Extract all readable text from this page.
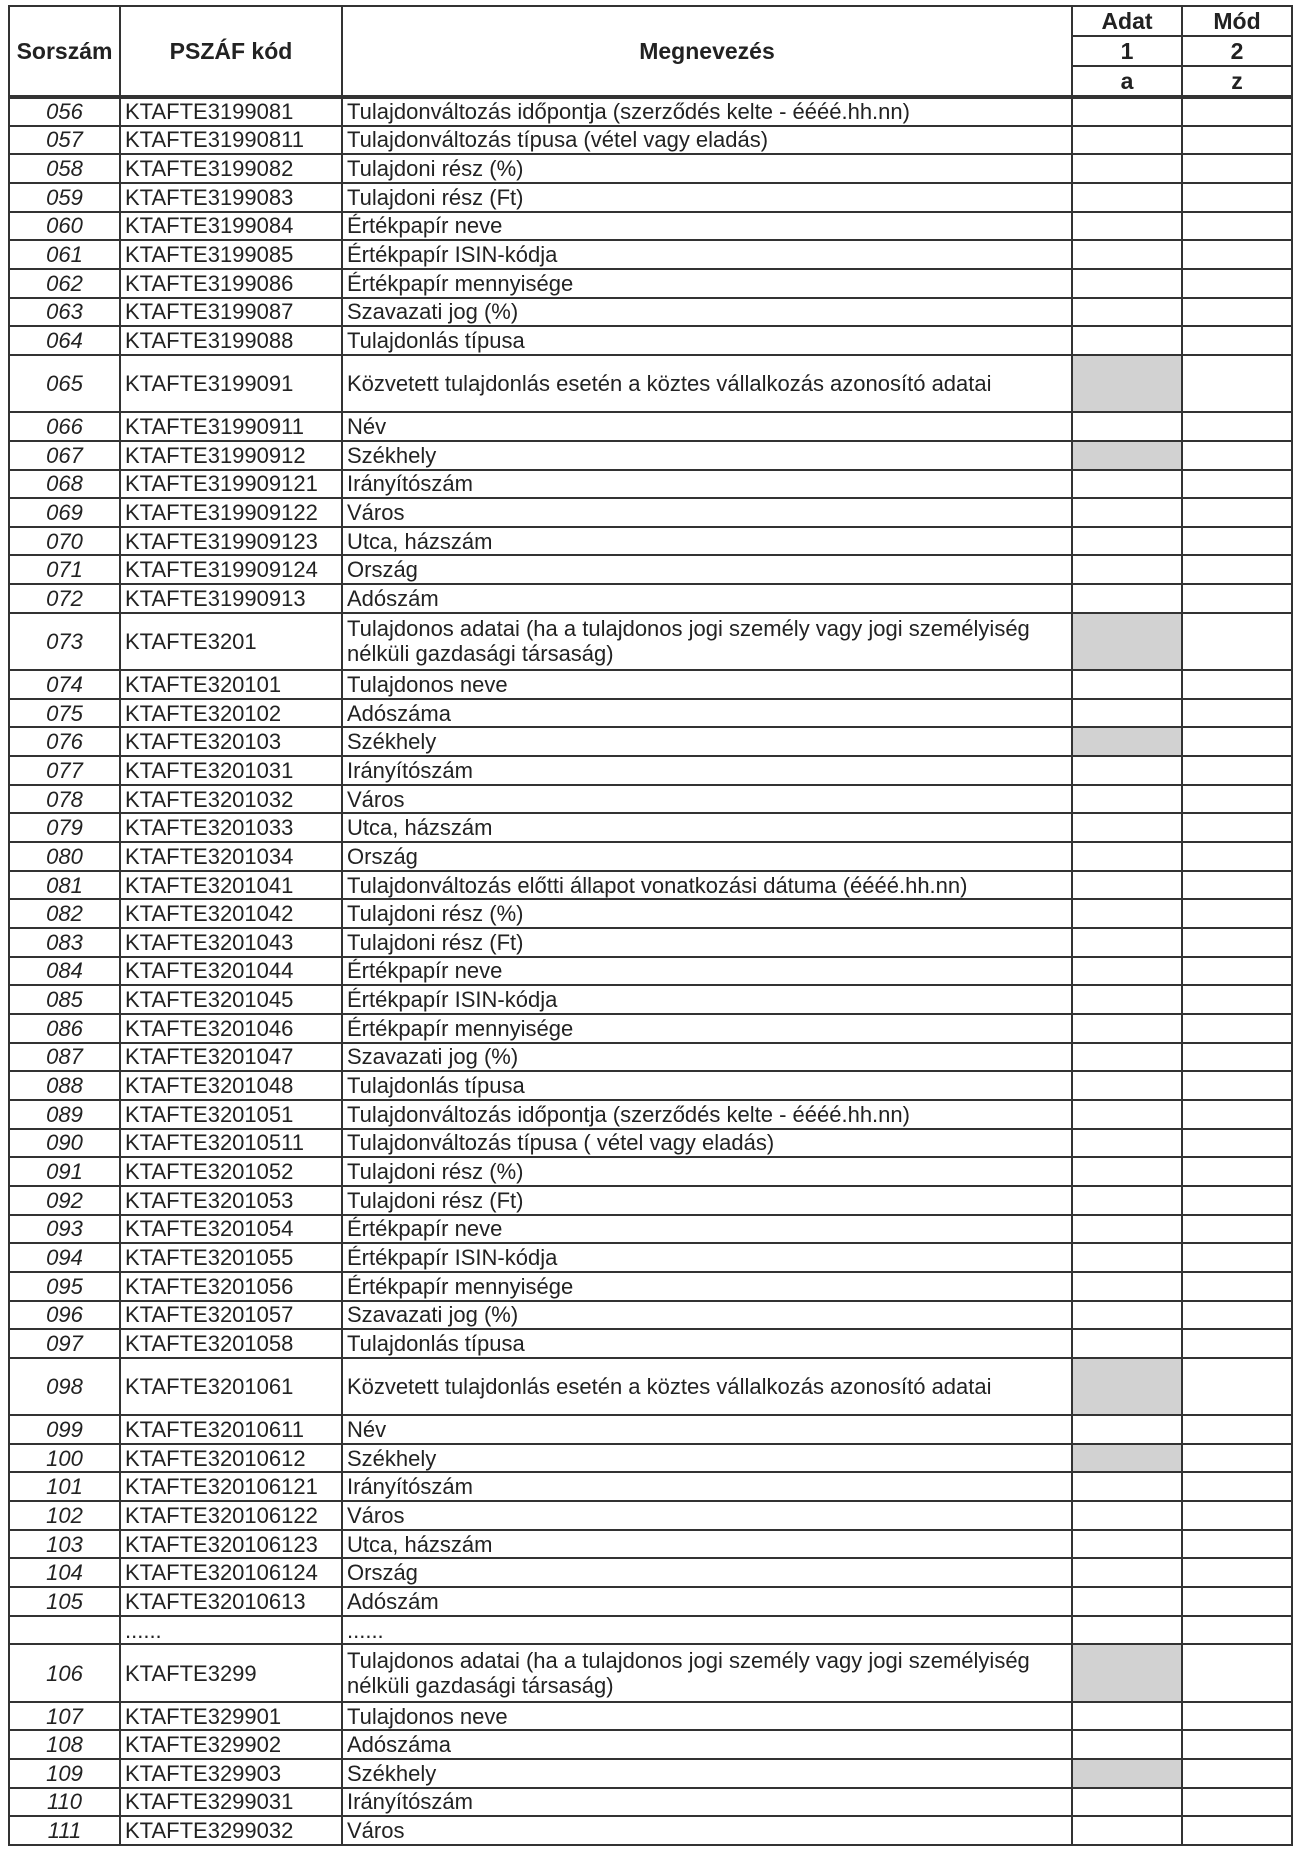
Sorszám	PSZÁF kód	Megnevezés	Adat	Mód
			1	2
			a	z
056	KTAFTE3199081	Tulajdonváltozás időpontja (szerződés kelte - éééé.hh.nn)		
057	KTAFTE31990811	Tulajdonváltozás típusa (vétel vagy eladás)		
058	KTAFTE3199082	Tulajdoni rész (%)		
059	KTAFTE3199083	Tulajdoni rész (Ft)		
060	KTAFTE3199084	Értékpapír neve		
061	KTAFTE3199085	Értékpapír ISIN-kódja		
062	KTAFTE3199086	Értékpapír mennyisége		
063	KTAFTE3199087	Szavazati jog (%)		
064	KTAFTE3199088	Tulajdonlás típusa		
065	KTAFTE3199091	Közvetett tulajdonlás esetén a köztes vállalkozás azonosító adatai		
066	KTAFTE31990911	Név		
067	KTAFTE31990912	Székhely		
068	KTAFTE319909121	Irányítószám		
069	KTAFTE319909122	Város		
070	KTAFTE319909123	Utca, házszám		
071	KTAFTE319909124	Ország		
072	KTAFTE31990913	Adószám		
073	KTAFTE3201	Tulajdonos adatai (ha a tulajdonos jogi személy vagy jogi személyiség nélküli gazdasági társaság)		
074	KTAFTE320101	Tulajdonos neve		
075	KTAFTE320102	Adószáma		
076	KTAFTE320103	Székhely		
077	KTAFTE3201031	Irányítószám		
078	KTAFTE3201032	Város		
079	KTAFTE3201033	Utca, házszám		
080	KTAFTE3201034	Ország		
081	KTAFTE3201041	Tulajdonváltozás előtti állapot vonatkozási dátuma (éééé.hh.nn)		
082	KTAFTE3201042	Tulajdoni rész (%)		
083	KTAFTE3201043	Tulajdoni rész (Ft)		
084	KTAFTE3201044	Értékpapír neve		
085	KTAFTE3201045	Értékpapír ISIN-kódja		
086	KTAFTE3201046	Értékpapír mennyisége		
087	KTAFTE3201047	Szavazati jog (%)		
088	KTAFTE3201048	Tulajdonlás típusa		
089	KTAFTE3201051	Tulajdonváltozás időpontja (szerződés kelte - éééé.hh.nn)		
090	KTAFTE32010511	Tulajdonváltozás típusa ( vétel vagy eladás)		
091	KTAFTE3201052	Tulajdoni rész (%)		
092	KTAFTE3201053	Tulajdoni rész (Ft)		
093	KTAFTE3201054	Értékpapír neve		
094	KTAFTE3201055	Értékpapír ISIN-kódja		
095	KTAFTE3201056	Értékpapír mennyisége		
096	KTAFTE3201057	Szavazati jog (%)		
097	KTAFTE3201058	Tulajdonlás típusa		
098	KTAFTE3201061	Közvetett tulajdonlás esetén a köztes vállalkozás azonosító adatai		
099	KTAFTE32010611	Név		
100	KTAFTE32010612	Székhely		
101	KTAFTE320106121	Irányítószám		
102	KTAFTE320106122	Város		
103	KTAFTE320106123	Utca, házszám		
104	KTAFTE320106124	Ország		
105	KTAFTE32010613	Adószám		
	......	......		
106	KTAFTE3299	Tulajdonos adatai (ha a tulajdonos jogi személy vagy jogi személyiség nélküli gazdasági társaság)		
107	KTAFTE329901	Tulajdonos neve		
108	KTAFTE329902	Adószáma		
109	KTAFTE329903	Székhely		
110	KTAFTE3299031	Irányítószám		
111	KTAFTE3299032	Város		
